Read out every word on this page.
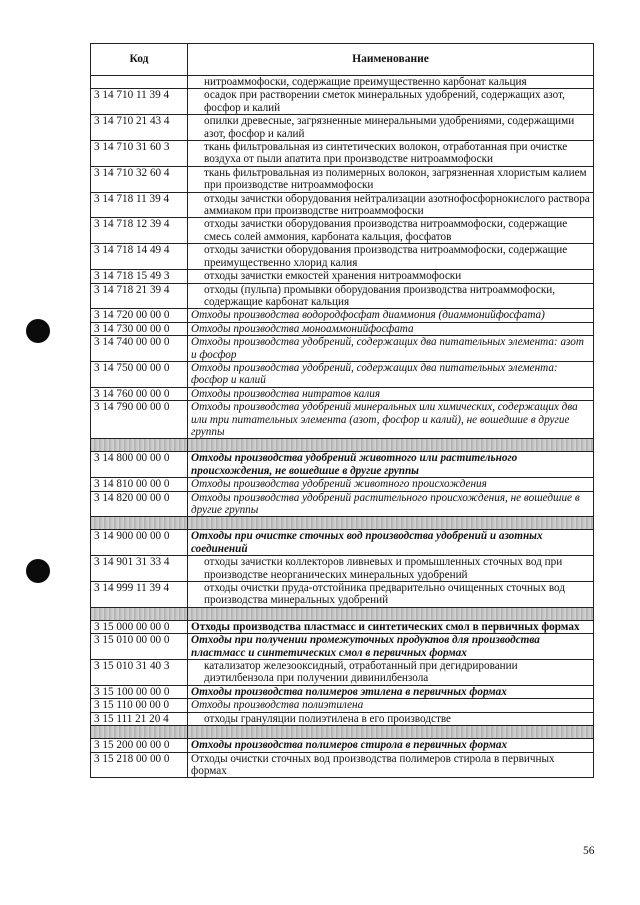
Код	Наименование
	нитроаммофоски, содержащие преимущественно карбонат кальция
3 14 710 11 39 4	осадок при растворении сметок минеральных удобрений, содержащих азот, фосфор и калий
3 14 710 21 43 4	опилки древесные, загрязненные минеральными удобрениями, содержащими азот, фосфор и калий
3 14 710 31 60 3	ткань фильтровальная из синтетических волокон, отработанная при очистке воздуха от пыли апатита при производстве нитроаммофоски
3 14 710 32 60 4	ткань фильтровальная из полимерных волокон, загрязненная хлористым калием при производстве нитроаммофоски
3 14 718 11 39 4	отходы зачистки оборудования нейтрализации азотнофосфорнокислого раствора аммиаком при производстве нитроаммофоски
3 14 718 12 39 4	отходы зачистки оборудования производства нитроаммофоски, содержащие смесь солей аммония, карбоната кальция, фосфатов
3 14 718 14 49 4	отходы зачистки оборудования производства нитроаммофоски, содержащие преимущественно хлорид калия
3 14 718 15 49 3	отходы зачистки емкостей хранения нитроаммофоски
3 14 718 21 39 4	отходы (пульпа) промывки оборудования производства нитроаммофоски, содержащие карбонат кальция
3 14 720 00 00 0	Отходы производства водородфосфат диаммония (диаммонийфосфата)
3 14 730 00 00 0	Отходы производства моноаммонийфосфата
3 14 740 00 00 0	Отходы производства удобрений, содержащих два питательных элемента: азот и фосфор
3 14 750 00 00 0	Отходы производства удобрений, содержащих два питательных элемента: фосфор и калий
3 14 760 00 00 0	Отходы производства нитратов калия
3 14 790 00 00 0	Отходы производства удобрений минеральных или химических, содержащих два или три питательных элемента (азот, фосфор и калий), не вошедшие в другие группы

3 14 800 00 00 0	Отходы производства удобрений животного или растительного происхождения, не вошедшие в другие группы
3 14 810 00 00 0	Отходы производства удобрений животного происхождения
3 14 820 00 00 0	Отходы производства удобрений растительного происхождения, не вошедшие в другие группы

3 14 900 00 00 0	Отходы при очистке сточных вод производства удобрений и азотных соединений
3 14 901 31 33 4	отходы зачистки коллекторов ливневых и промышленных сточных вод при производстве неорганических минеральных удобрений
3 14 999 11 39 4	отходы очистки пруда-отстойника предварительно очищенных сточных вод производства минеральных удобрений

3 15 000 00 00 0	Отходы производства пластмасс и синтетических смол в первичных формах
3 15 010 00 00 0	Отходы при получении промежуточных продуктов для производства пластмасс и синтетических смол в первичных формах
3 15 010 31 40 3	катализатор железооксидный, отработанный при дегидрировании диэтилбензола при получении дивинилбензола
3 15 100 00 00 0	Отходы производства полимеров этилена в первичных формах
3 15 110 00 00 0	Отходы производства полиэтилена
3 15 111 21 20 4	отходы грануляции полиэтилена в его производстве

3 15 200 00 00 0	Отходы производства полимеров стирола в первичных формах
3 15 218 00 00 0	Отходы очистки сточных вод производства полимеров стирола в первичных формах
56
